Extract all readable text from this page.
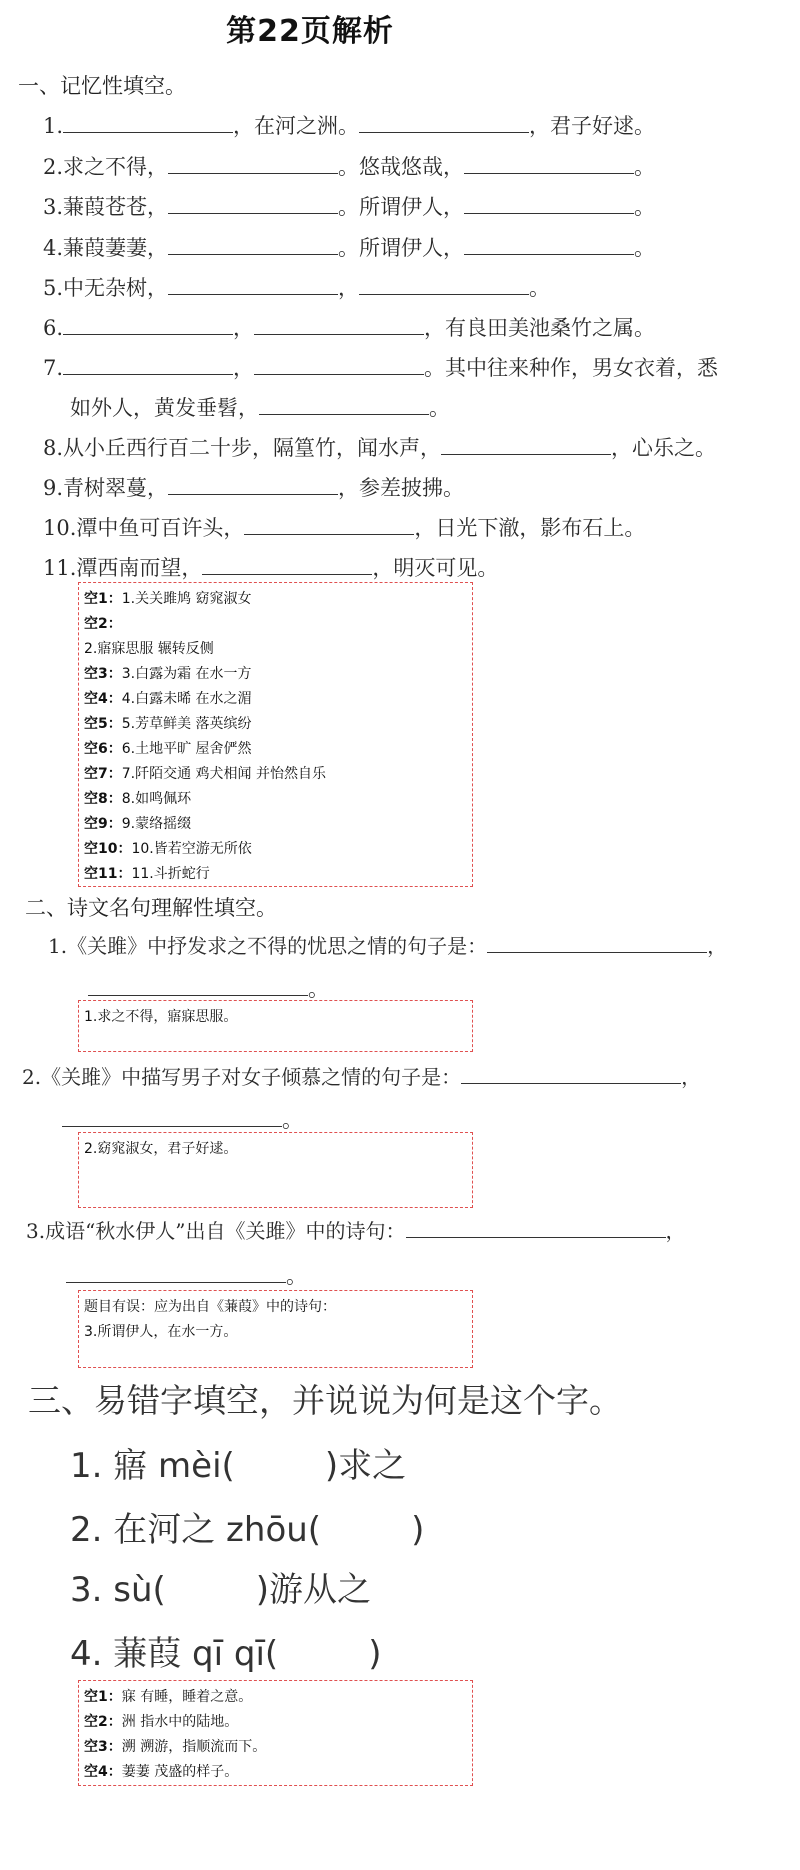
第22页解析
一、记忆性填空。
1.	，在河之洲。	，君子好逑。
2.求之不得，	。悠哉悠哉，	。
3.蒹葭苍苍，	。所谓伊人，	。
4.蒹葭萋萋，	。所谓伊人，	。
5.中无杂树，	，	。
6.	，	，有良田美池桑竹之属。
7.	，	。其中往来种作，男女衣着，悉
如外人，黄发垂髫，	。
8.从小丘西行百二十步，隔篁竹，闻水声，	，心乐之。
9.青树翠蔓，	，参差披拂。
10.潭中鱼可百许头，	，日光下澈，影布石上。
11.潭西南而望，	，明灭可见。
空1：1.关关雎鸠 窈窕淑女
空2：
2.寤寐思服 辗转反侧
空3：3.白露为霜 在水一方
空4：4.白露未晞 在水之湄
空5：5.芳草鲜美 落英缤纷
空6：6.土地平旷 屋舍俨然
空7：7.阡陌交通 鸡犬相闻 并怡然自乐
空8：8.如鸣佩环
空9：9.蒙络摇缀
空10：10.皆若空游无所依
空11：11.斗折蛇行
二、诗文名句理解性填空。
1.《关雎》中抒发求之不得的忧思之情的句子是：	，
。
1.求之不得，寤寐思服。
2.《关雎》中描写男子对女子倾慕之情的句子是：	，
。
2.窈窕淑女，君子好逑。
3.成语“秋水伊人”出自《关雎》中的诗句：	，
。
题目有误：应为出自《蒹葭》中的诗句：
3.所谓伊人，在水一方。
三、易错字填空，并说说为何是这个字。
1. 寤 mèi(	)求之
2. 在河之 zhōu(	)
3. sù(	)游从之
4. 蒹葭 qī qī(	)
空1：寐 有睡，睡着之意。
空2：洲 指水中的陆地。
空3：溯 溯游，指顺流而下。
空4：萋萋 茂盛的样子。
